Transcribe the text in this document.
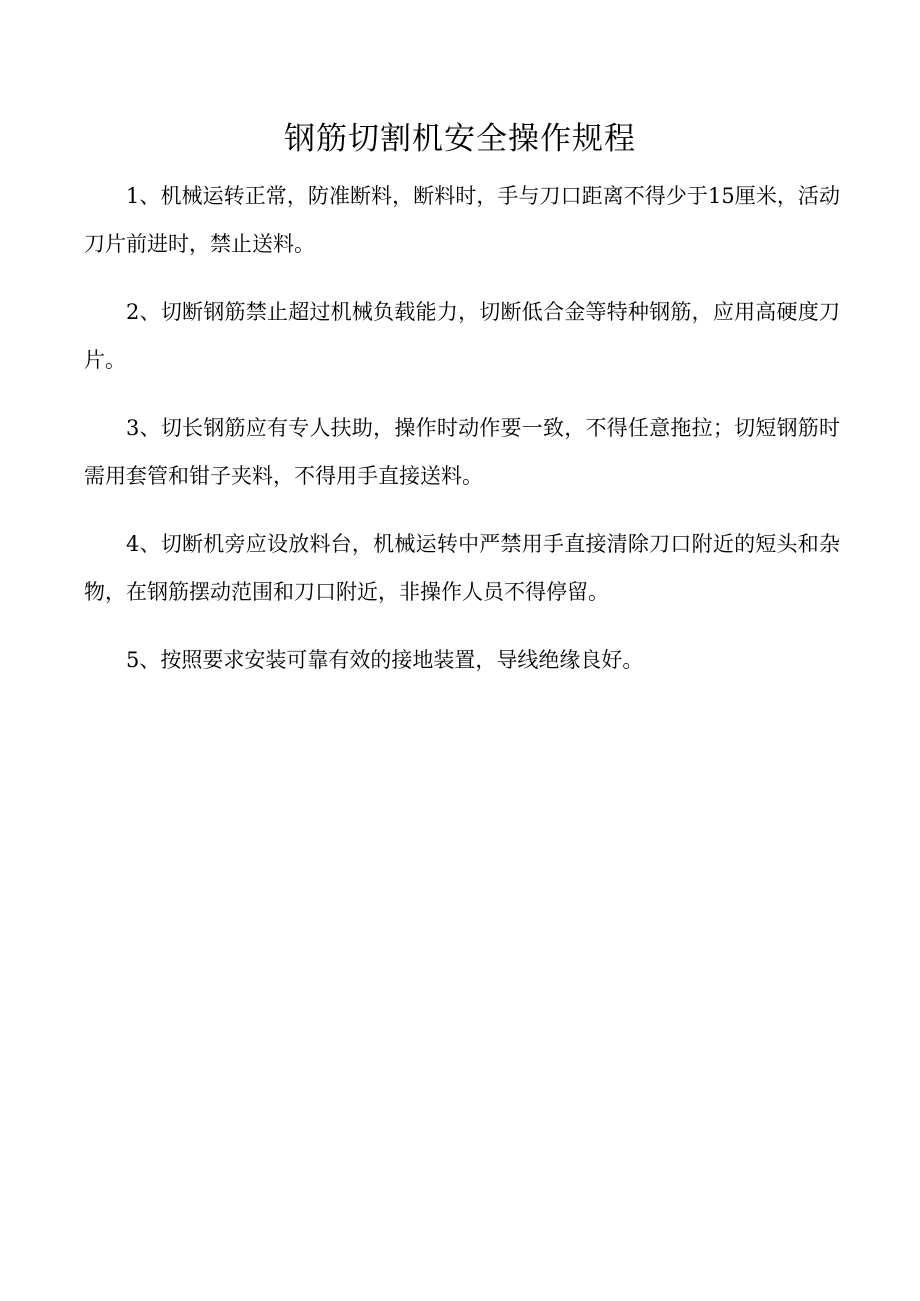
钢筋切割机安全操作规程

1、机械运转正常，防准断料，断料时，手与刀口距离不得少于15厘米，活动刀片前进时，禁止送料。

2、切断钢筋禁止超过机械负载能力，切断低合金等特种钢筋，应用高硬度刀片。

3、切长钢筋应有专人扶助，操作时动作要一致，不得任意拖拉；切短钢筋时需用套管和钳子夹料，不得用手直接送料。

4、切断机旁应设放料台，机械运转中严禁用手直接清除刀口附近的短头和杂物，在钢筋摆动范围和刀口附近，非操作人员不得停留。

5、按照要求安装可靠有效的接地装置，导线绝缘良好。
